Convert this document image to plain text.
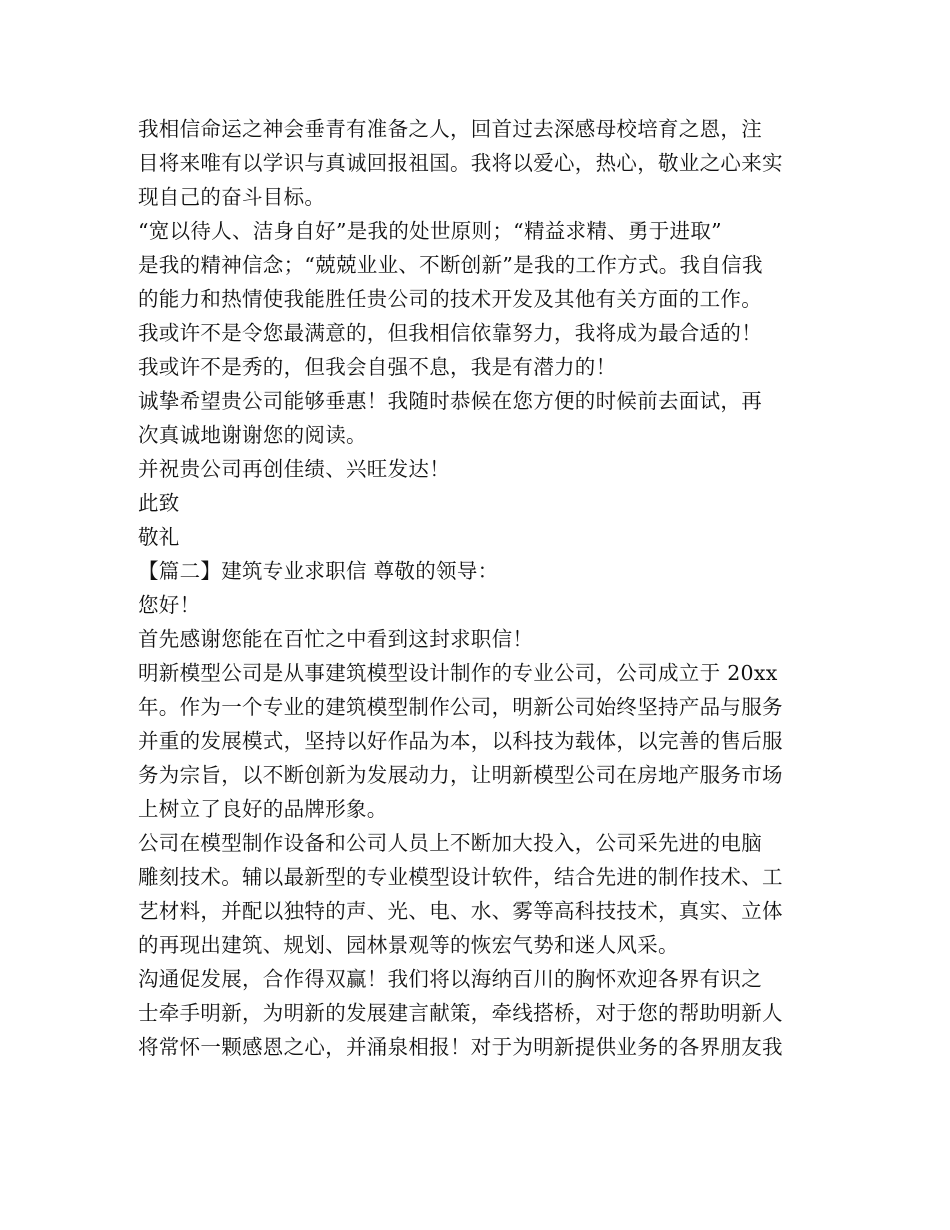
我相信命运之神会垂青有准备之人，回首过去深感母校培育之恩，注
目将来唯有以学识与真诚回报祖国。我将以爱心，热心，敬业之心来实
现自己的奋斗目标。
“宽以待人、洁身自好”是我的处世原则；“精益求精、勇于进取”
是我的精神信念；“兢兢业业、不断创新”是我的工作方式。我自信我
的能力和热情使我能胜任贵公司的技术开发及其他有关方面的工作。
我或许不是令您最满意的，但我相信依靠努力，我将成为最合适的！
我或许不是秀的，但我会自强不息，我是有潜力的！
诚挚希望贵公司能够垂惠！我随时恭候在您方便的时候前去面试，再
次真诚地谢谢您的阅读。
并祝贵公司再创佳绩、兴旺发达！
此致
敬礼
【篇二】建筑专业求职信 尊敬的领导：
您好！
首先感谢您能在百忙之中看到这封求职信！
明新模型公司是从事建筑模型设计制作的专业公司，公司成立于 20xx
年。作为一个专业的建筑模型制作公司，明新公司始终坚持产品与服务
并重的发展模式，坚持以好作品为本，以科技为载体，以完善的售后服
务为宗旨，以不断创新为发展动力，让明新模型公司在房地产服务市场
上树立了良好的品牌形象。
公司在模型制作设备和公司人员上不断加大投入，公司采先进的电脑
雕刻技术。辅以最新型的专业模型设计软件，结合先进的制作技术、工
艺材料，并配以独特的声、光、电、水、雾等高科技技术，真实、立体
的再现出建筑、规划、园林景观等的恢宏气势和迷人风采。
沟通促发展，合作得双赢！我们将以海纳百川的胸怀欢迎各界有识之
士牵手明新，为明新的发展建言献策，牵线搭桥，对于您的帮助明新人
将常怀一颗感恩之心，并涌泉相报！对于为明新提供业务的各界朋友我
